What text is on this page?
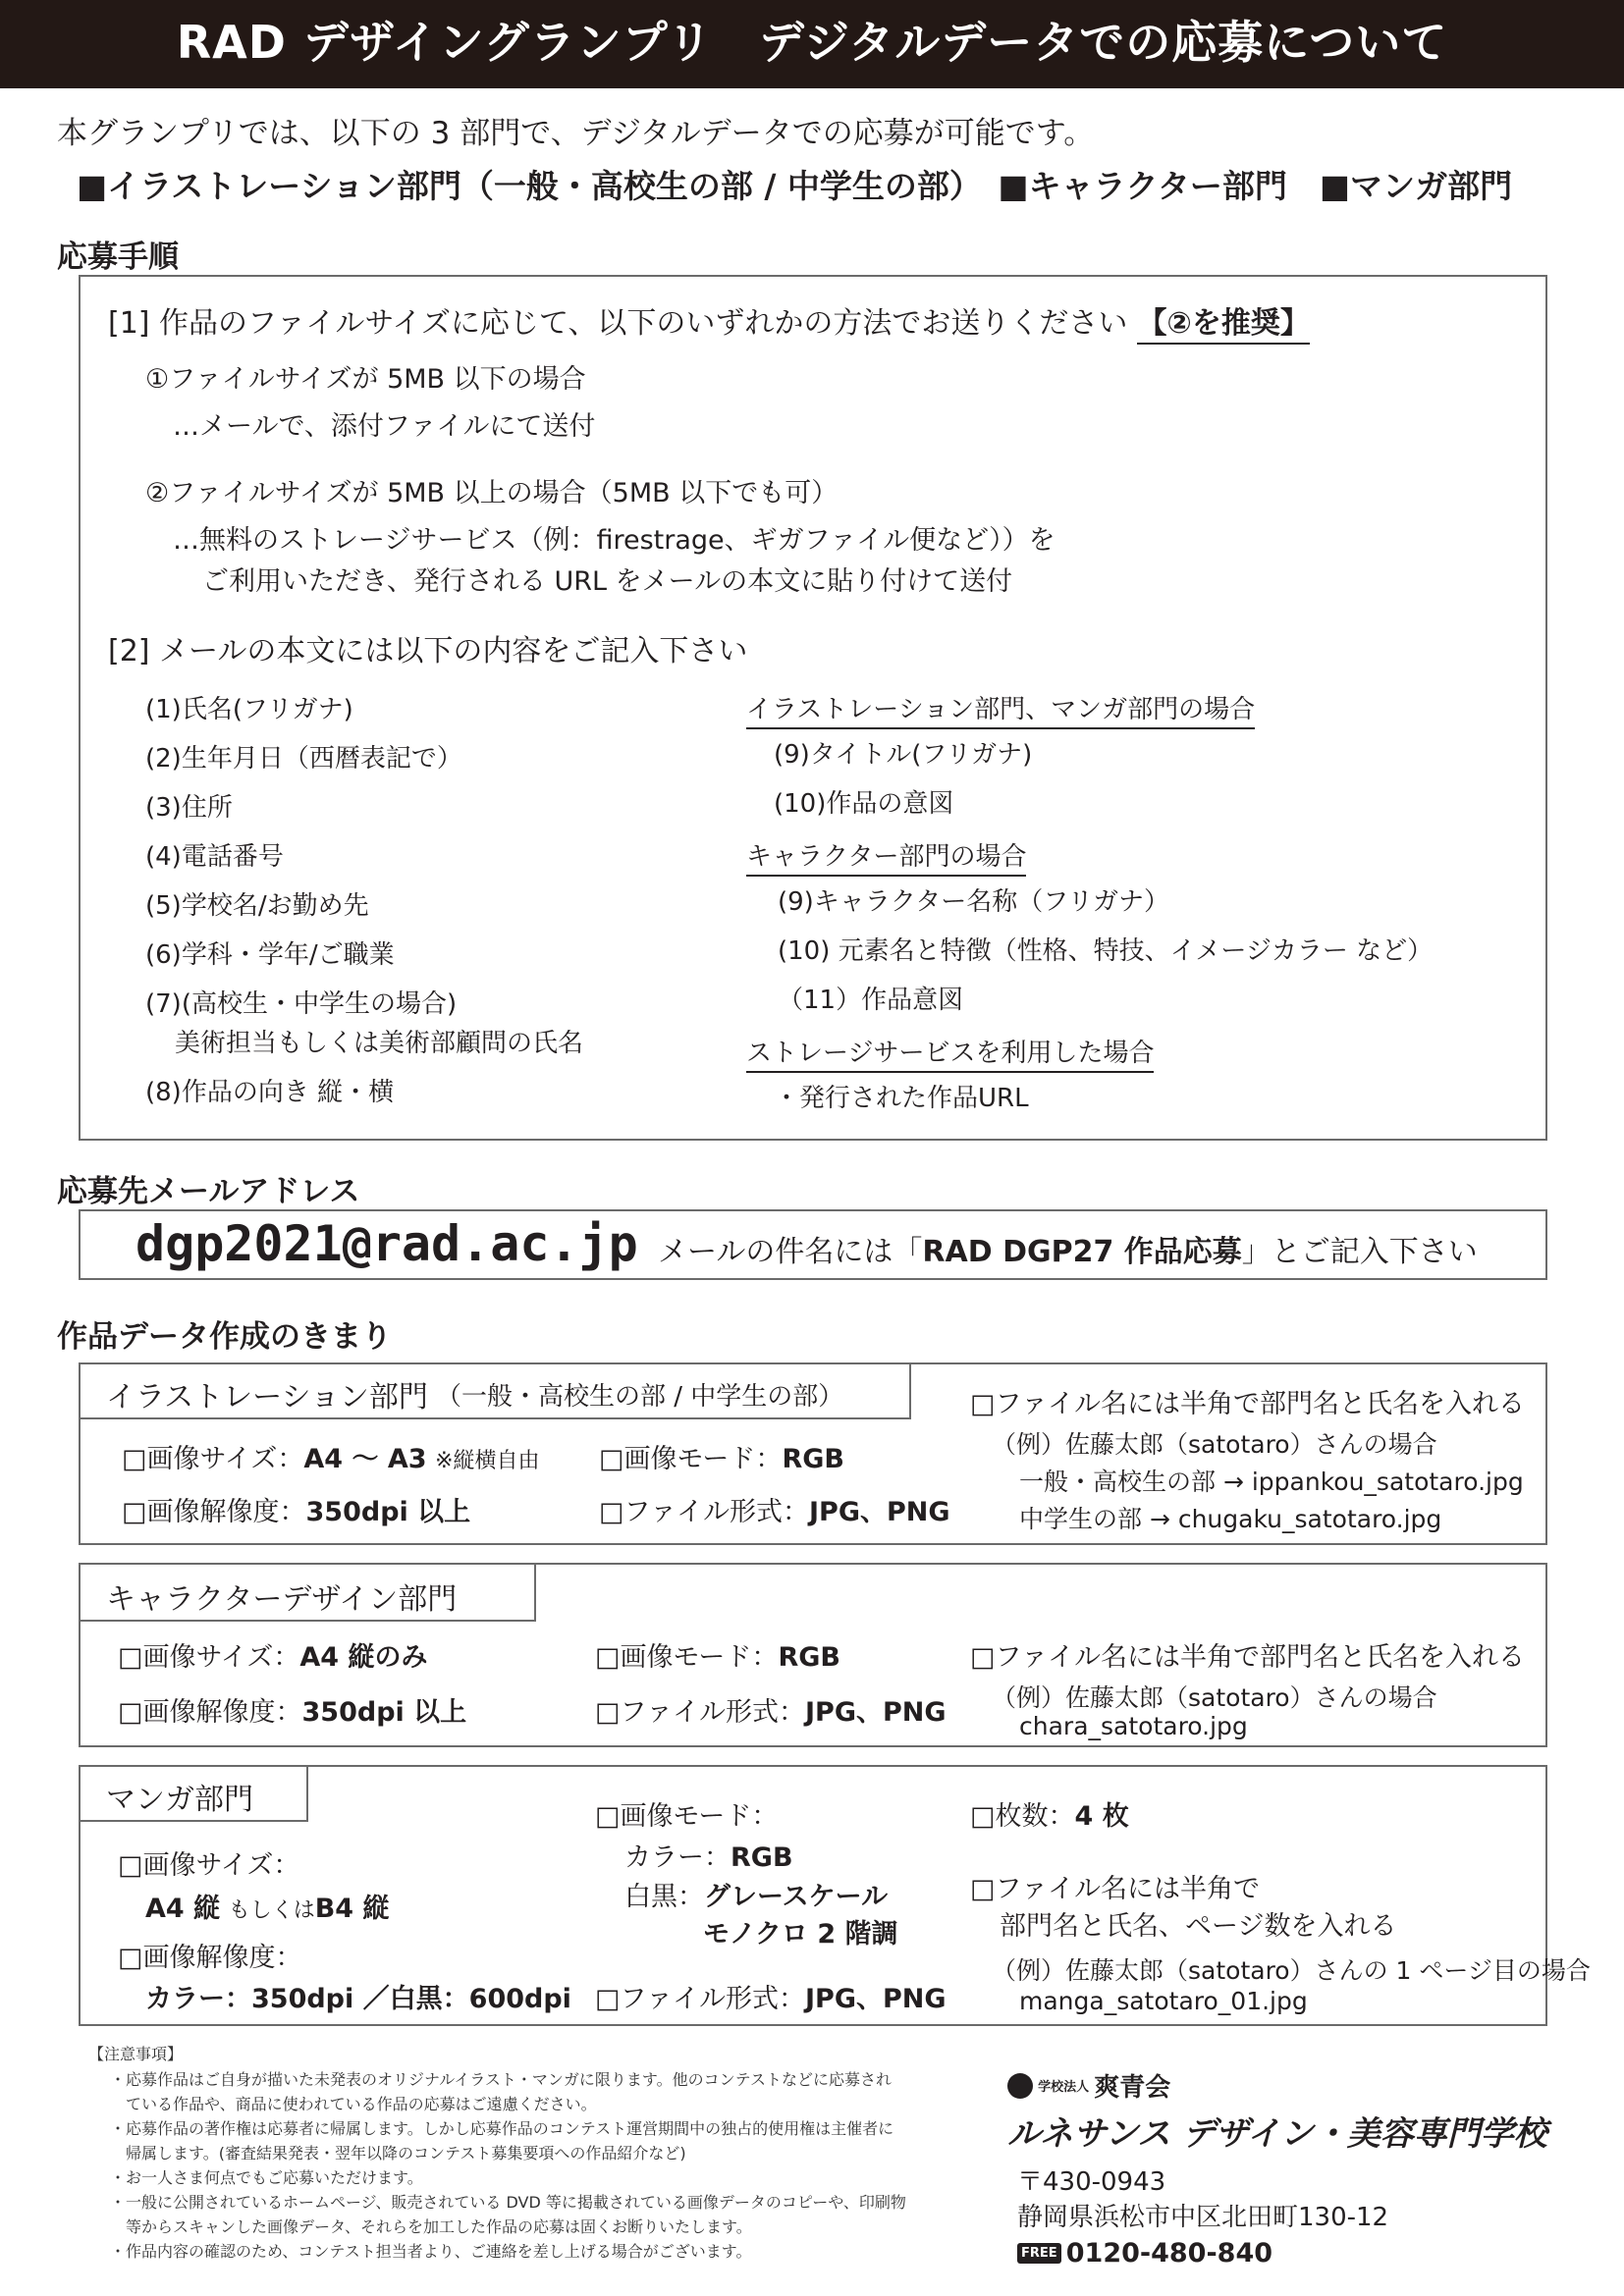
RAD デザイングランプリ　デジタルデータでの応募について
本グランプリでは、以下の 3 部門で、デジタルデータでの応募が可能です。
■イラストレーション部門（一般・高校生の部 / 中学生の部）　■キャラクター部門　■マンガ部門
応募手順
[1] 作品のファイルサイズに応じて、以下のいずれかの方法でお送りください 【②を推奨】
①ファイルサイズが 5MB 以下の場合
…メールで、添付ファイルにて送付
②ファイルサイズが 5MB 以上の場合（5MB 以下でも可）
…無料のストレージサービス（例：firestrage、ギガファイル便など））を
ご利用いただき、発行される URL をメールの本文に貼り付けて送付
[2] メールの本文には以下の内容をご記入下さい
(1)氏名(フリガナ)
(2)生年月日（西暦表記で）
(3)住所
(4)電話番号
(5)学校名/お勤め先
(6)学科・学年/ご職業
(7)(高校生・中学生の場合)
美術担当もしくは美術部顧問の氏名
(8)作品の向き 縦・横
イラストレーション部門、マンガ部門の場合
(9)タイトル(フリガナ)
(10)作品の意図
キャラクター部門の場合
(9)キャラクター名称（フリガナ）
(10) 元素名と特徴（性格、特技、イメージカラー など）
（11）作品意図
ストレージサービスを利用した場合
・発行された作品URL
応募先メールアドレス
dgp2021@rad.ac.jp メールの件名には「RAD DGP27 作品応募」とご記入下さい
作品データ作成のきまり
イラストレーション部門 （一般・高校生の部 / 中学生の部）
□画像サイズ：A4 ～ A3 ※縦横自由
□画像解像度：350dpi 以上
□画像モード：RGB
□ファイル形式：JPG、PNG
□ファイル名には半角で部門名と氏名を入れる
（例）佐藤太郎（satotaro）さんの場合
一般・高校生の部 → ippankou_satotaro.jpg
中学生の部 → chugaku_satotaro.jpg
キャラクターデザイン部門
□画像サイズ：A4 縦のみ
□画像解像度：350dpi 以上
□画像モード：RGB
□ファイル形式：JPG、PNG
□ファイル名には半角で部門名と氏名を入れる
（例）佐藤太郎（satotaro）さんの場合
chara_satotaro.jpg
マンガ部門
□画像サイズ：
A4 縦 もしくはB4 縦
□画像解像度：
カラー：350dpi ／白黒：600dpi
□画像モード：
カラー：RGB
白黒：グレースケール
モノクロ 2 階調
□ファイル形式：JPG、PNG
□枚数：4 枚
□ファイル名には半角で
部門名と氏名、ページ数を入れる
（例）佐藤太郎（satotaro）さんの 1 ページ目の場合
manga_satotaro_01.jpg
【注意事項】
・応募作品はご自身が描いた未発表のオリジナルイラスト・マンガに限ります。他のコンテストなどに応募され
　ている作品や、商品に使われている作品の応募はご遠慮ください。
・応募作品の著作権は応募者に帰属します。しかし応募作品のコンテスト運営期間中の独占的使用権は主催者に
　帰属します。(審査結果発表・翌年以降のコンテスト募集要項への作品紹介など)
・お一人さま何点でもご応募いただけます。
・一般に公開されているホームページ、販売されている DVD 等に掲載されている画像データのコピーや、印刷物
　等からスキャンした画像データ、それらを加工した作品の応募は固くお断りいたします。
・作品内容の確認のため、コンテスト担当者より、ご連絡を差し上げる場合がございます。
学校法人 爽青会
ルネサンス デザイン・美容専門学校
〒430-0943
静岡県浜松市中区北田町130-12
FREE 0120-480-840
